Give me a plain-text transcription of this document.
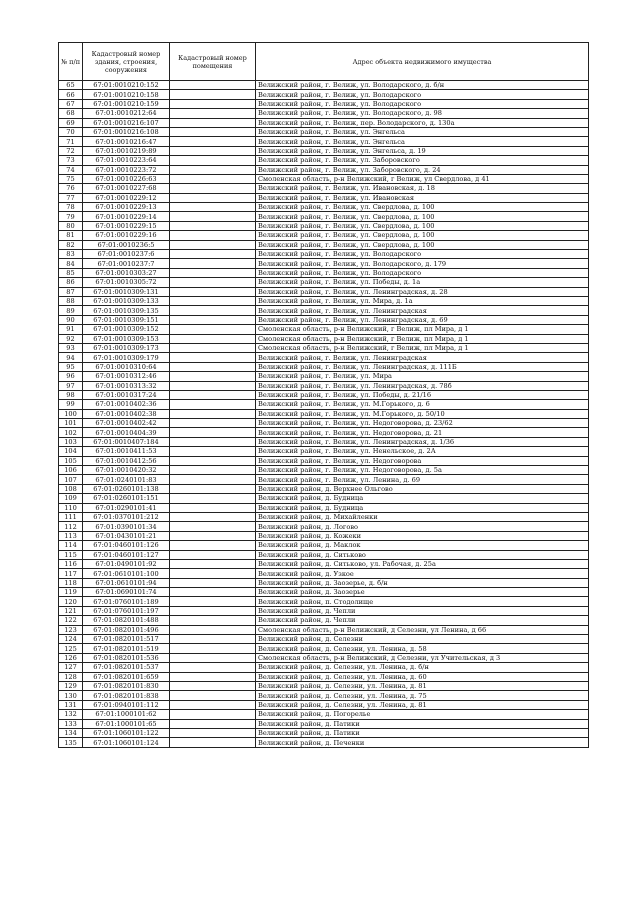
№ п/п	Кадастровый номер здания, строения, сооружения	Кадастровый номер помещения	Адрес объекта недвижимого имущества
65	67:01:0010210:152		Велижский район, г. Велиж, ул. Володарского, д. б/н
66	67:01:0010210:158		Велижский район, г. Велиж, ул. Володарского
67	67:01:0010210:159		Велижский район, г. Велиж, ул. Володарского
68	67:01:0010212:64		Велижский район, г. Велиж, ул. Володарского, д. 98
69	67:01:0010216:107		Велижский район, г. Велиж, пер. Володарского, д. 130а
70	67:01:0010216:108		Велижский район, г. Велиж, ул. Энгельса
71	67:01:0010216:47		Велижский район, г. Велиж, ул. Энгельса
72	67:01:0010219:89		Велижский район, г. Велиж, ул. Энгельса, д. 19
73	67:01:0010223:64		Велижский район, г. Велиж, ул. Заборовского
74	67:01:0010223:72		Велижский район, г. Велиж, ул. Заборовского, д. 24
75	67:01:0010226:63		Смоленская область, р-н Велижский, г Велиж, ул Свердлова, д 41
76	67:01:0010227:68		Велижский район, г. Велиж, ул. Ивановская, д. 18
77	67:01:0010229:12		Велижский район, г. Велиж, ул. Ивановская
78	67:01:0010229:13		Велижский район, г. Велиж, ул. Свердлова, д. 100
79	67:01:0010229:14		Велижский район, г. Велиж, ул. Свердлова, д. 100
80	67:01:0010229:15		Велижский район, г. Велиж, ул. Свердлова, д. 100
81	67:01:0010229:16		Велижский район, г. Велиж, ул. Свердлова, д. 100
82	67:01:0010236:5		Велижский район, г. Велиж, ул. Свердлова, д. 100
83	67:01:0010237:6		Велижский район, г. Велиж, ул. Володарского
84	67:01:0010237:7		Велижский район, г. Велиж, ул. Володарского, д. 179
85	67:01:0010303:27		Велижский район, г. Велиж, ул. Володарского
86	67:01:0010305:72		Велижский район, г. Велиж, ул. Победы, д. 1а
87	67:01:0010309:131		Велижский район, г. Велиж, ул. Ленинградская, д. 28
88	67:01:0010309:133		Велижский район, г. Велиж, ул. Мира, д. 1а
89	67:01:0010309:135		Велижский район, г. Велиж, ул. Ленинградская
90	67:01:0010309:151		Велижский район, г. Велиж, ул. Ленинградская, д. 69
91	67:01:0010309:152		Смоленская область, р-н Велижский, г Велиж, пл Мира, д 1
92	67:01:0010309:153		Смоленская область, р-н Велижский, г Велиж, пл Мира, д 1
93	67:01:0010309:173		Смоленская область, р-н Велижский, г Велиж, пл Мира, д 1
94	67:01:0010309:179		Велижский район, г. Велиж, ул. Ленинградская
95	67:01:0010310:64		Велижский район, г. Велиж, ул. Ленинградская, д. 111Б
96	67:01:0010312:46		Велижский район, г. Велиж, ул. Мира
97	67:01:0010313:32		Велижский район, г. Велиж, ул. Ленинградская, д. 78б
98	67:01:0010317:24		Велижский район, г. Велиж, ул. Победы, д. 21/16
99	67:01:0010402:36		Велижский район, г. Велиж, ул. М.Горького, д. 6
100	67:01:0010402:38		Велижский район, г. Велиж, ул. М.Горького, д. 50/10
101	67:01:0010402:42		Велижский район, г. Велиж, ул. Недоговорова, д. 23/62
102	67:01:0010404:39		Велижский район, г. Велиж, ул. Недоговорова, д. 21
103	67:01:0010407:184		Велижский район, г. Велиж, ул. Ленинградская, д. 1/36
104	67:01:0010411:53		Велижский район, г. Велиж, ул. Ненельское, д. 2А
105	67:01:0010412:56		Велижский район, г. Велиж, ул. Недоговорова
106	67:01:0010420:32		Велижский район, г. Велиж, ул. Недоговорова, д. 5а
107	67:01:0240101:83		Велижский район, г. Велиж, ул. Ленина, д. 69
108	67:01:0260101:138		Велижский район, д. Верхнее Ольгово
109	67:01:0260101:151		Велижский район, д. Будница
110	67:01:0290101:41		Велижский район, д. Будница
111	67:01:0370101:212		Велижский район, д. Михайленки
112	67:01:0390101:34		Велижский район, д. Логово
113	67:01:0430101:21		Велижский район, д. Кожеки
114	67:01:0460101:126		Велижский район, д. Маклок
115	67:01:0460101:127		Велижский район, д. Ситьково
116	67:01:0490101:92		Велижский район, д. Ситьково, ул. Рабочая, д. 25а
117	67:01:0610101:100		Велижский район, д. Узкое
118	67:01:0610101:94		Велижский район, д. Заозерье, д. б/н
119	67:01:0690101:74		Велижский район, д. Заозерье
120	67:01:0760101:189		Велижский район, п. Стодолище
121	67:01:0760101:197		Велижский район, д. Чепли
122	67:01:0820101:488		Велижский район, д. Чепли
123	67:01:0820101:496		Смоленская область, р-н Велижский, д Селезни, ул Ленина, д 66
124	67:01:0820101:517		Велижский район, д. Селезни
125	67:01:0820101:519		Велижский район, д. Селезни, ул. Ленина, д. 58
126	67:01:0820101:536		Смоленская область, р-н Велижский, д Селезни, ул Учительская, д 3
127	67:01:0820101:537		Велижский район, д. Селезни, ул. Ленина, д. б/н
128	67:01:0820101:659		Велижский район, д. Селезни, ул. Ленина, д. 60
129	67:01:0820101:830		Велижский район, д. Селезни, ул. Ленина, д. 81
130	67:01:0820101:838		Велижский район, д. Селезни, ул. Ленина, д. 75
131	67:01:0940101:112		Велижский район, д. Селезни, ул. Ленина, д. 81
132	67:01:1000101:62		Велижский район, д. Погорелье
133	67:01:1000101:65		Велижский район, д. Патики
134	67:01:1060101:122		Велижский район, д. Патики
135	67:01:1060101:124		Велижский район, д. Печенки
